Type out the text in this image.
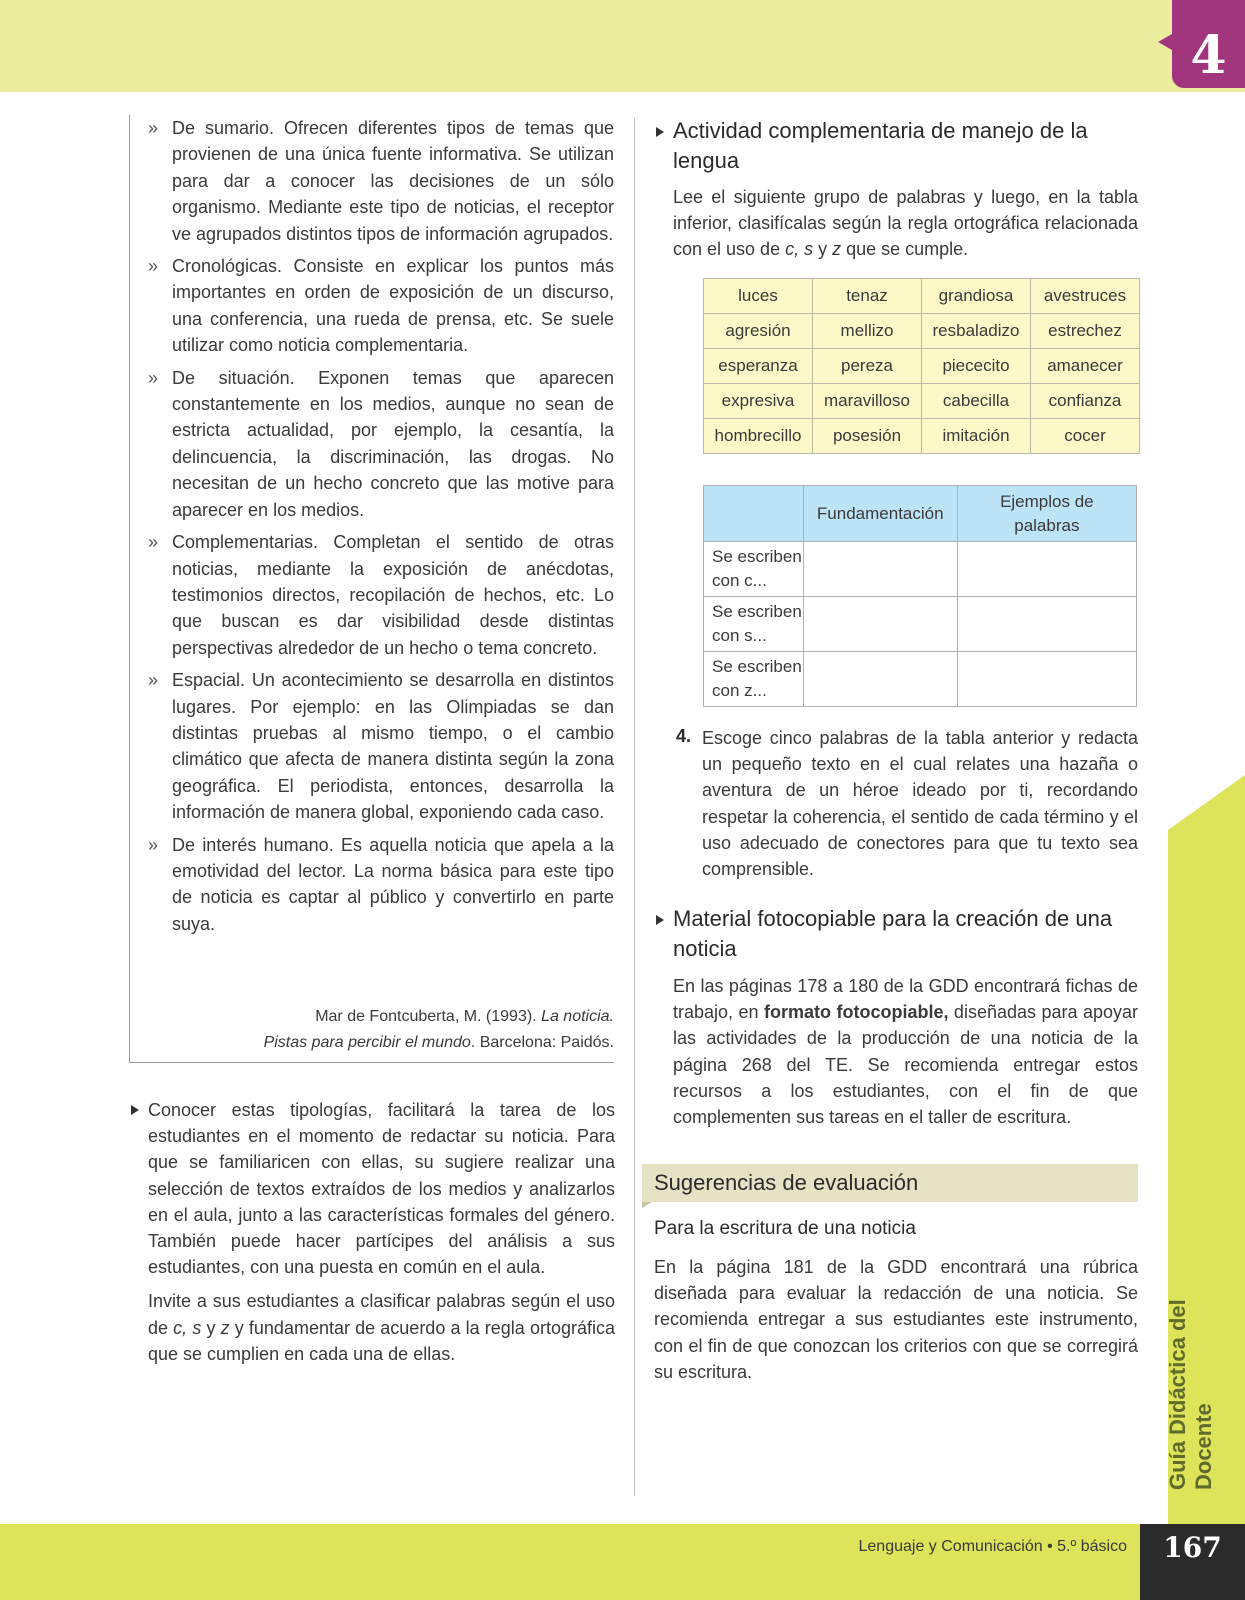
4
» De sumario. Ofrecen diferentes tipos de temas que provienen de una única fuente informativa. Se utilizan para dar a conocer las decisiones de un sólo organismo. Mediante este tipo de noticias, el receptor ve agrupados distintos tipos de información agrupados.
» Cronológicas. Consiste en explicar los puntos más importantes en orden de exposición de un discurso, una conferencia, una rueda de prensa, etc. Se suele utilizar como noticia complementaria.
» De situación. Exponen temas que aparecen constantemente en los medios, aunque no sean de estricta actualidad, por ejemplo, la cesantía, la delincuencia, la discriminación, las drogas. No necesitan de un hecho concreto que las motive para aparecer en los medios.
» Complementarias. Completan el sentido de otras noticias, mediante la exposición de anécdotas, testimonios directos, recopilación de hechos, etc. Lo que buscan es dar visibilidad desde distintas perspectivas alrededor de un hecho o tema concreto.
» Espacial. Un acontecimiento se desarrolla en distintos lugares. Por ejemplo: en las Olimpiadas se dan distintas pruebas al mismo tiempo, o el cambio climático que afecta de manera distinta según la zona geográfica. El periodista, entonces, desarrolla la información de manera global, exponiendo cada caso.
» De interés humano. Es aquella noticia que apela a la emotividad del lector. La norma básica para este tipo de noticia es captar al público y convertirlo en parte suya.
Mar de Fontcuberta, M. (1993). La noticia.
Pistas para percibir el mundo. Barcelona: Paidós.

Conocer estas tipologías, facilitará la tarea de los estudiantes en el momento de redactar su noticia. Para que se familiaricen con ellas, su sugiere realizar una selección de textos extraídos de los medios y analizarlos en el aula, junto a las características formales del género. También puede hacer partícipes del análisis a sus estudiantes, con una puesta en común en el aula.

Invite a sus estudiantes a clasificar palabras según el uso de c, s y z y fundamentar de acuerdo a la regla ortográfica que se cumplien en cada una de ellas.

Actividad complementaria de manejo de la lengua

Lee el siguiente grupo de palabras y luego, en la tabla inferior, clasifícalas según la regla ortográfica relacionada con el uso de c, s y z que se cumple.

luces	tenaz	grandiosa	avestruces
agresión	mellizo	resbaladizo	estrechez
esperanza	pereza	piececito	amanecer
expresiva	maravilloso	cabecilla	confianza
hombrecillo	posesión	imitación	cocer
	Fundamentación	Ejemplos de palabras
Se escriben con c...		
Se escriben con s...		
Se escriben con z...		
4. Escoge cinco palabras de la tabla anterior y redacta un pequeño texto en el cual relates una hazaña o aventura de un héroe ideado por ti, recordando respetar la coherencia, el sentido de cada término y el uso adecuado de conectores para que tu texto sea comprensible.

Material fotocopiable para la creación de una noticia

En las páginas 178 a 180 de la GDD encontrará fichas de trabajo, en formato fotocopiable, diseñadas para apoyar las actividades de la producción de una noticia de la página 268 del TE. Se recomienda entregar estos recursos a los estudiantes, con el fin de que complementen sus tareas en el taller de escritura.

Sugerencias de evaluación
Para la escritura de una noticia

En la página 181 de la GDD encontrará una rúbrica diseñada para evaluar la redacción de una noticia. Se recomienda entregar a sus estudiantes este instrumento, con el fin de que conozcan los criterios con que se corregirá su escritura.	Guía Didáctica del Docente
Lenguaje y Comunicación • 5.º básico	167
